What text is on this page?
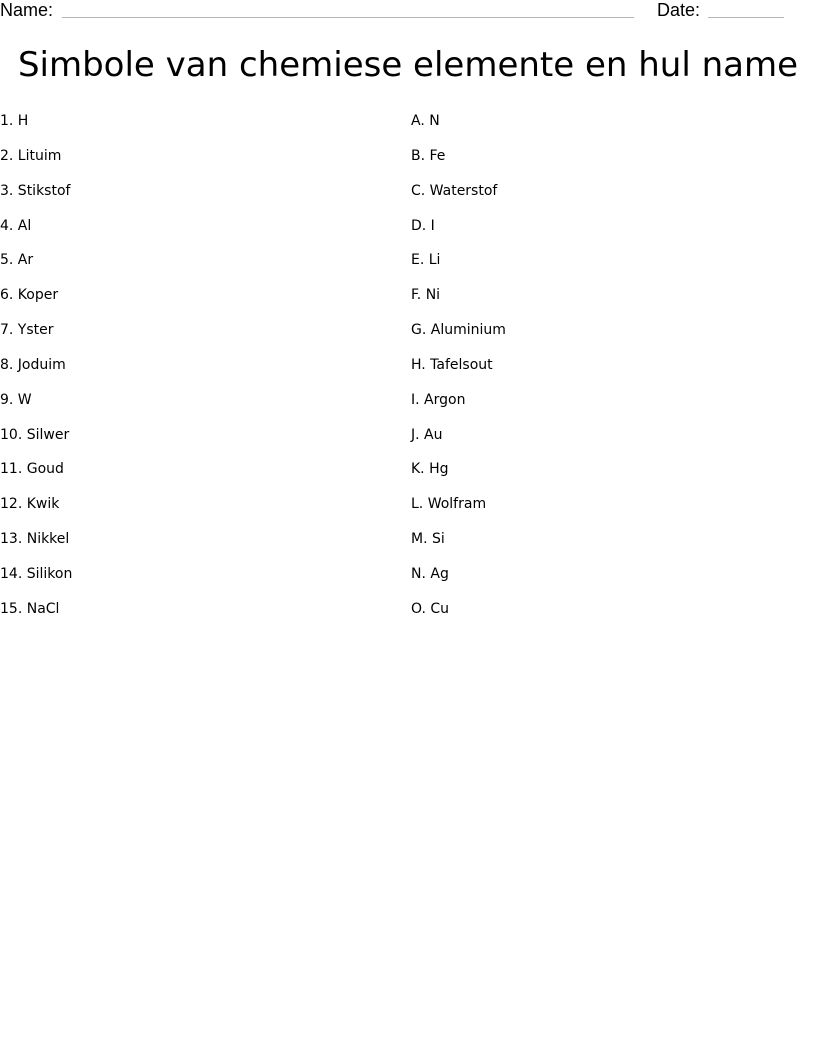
Name:	Date:
Simbole van chemiese elemente en hul name
1. H
2. Lituim
3. Stikstof
4. Al
5. Ar
6. Koper
7. Yster
8. Joduim
9. W
10. Silwer
11. Goud
12. Kwik
13. Nikkel
14. Silikon
15. NaCl
A. N
B. Fe
C. Waterstof
D. I
E. Li
F. Ni
G. Aluminium
H. Tafelsout
I. Argon
J. Au
K. Hg
L. Wolfram
M. Si
N. Ag
O. Cu
